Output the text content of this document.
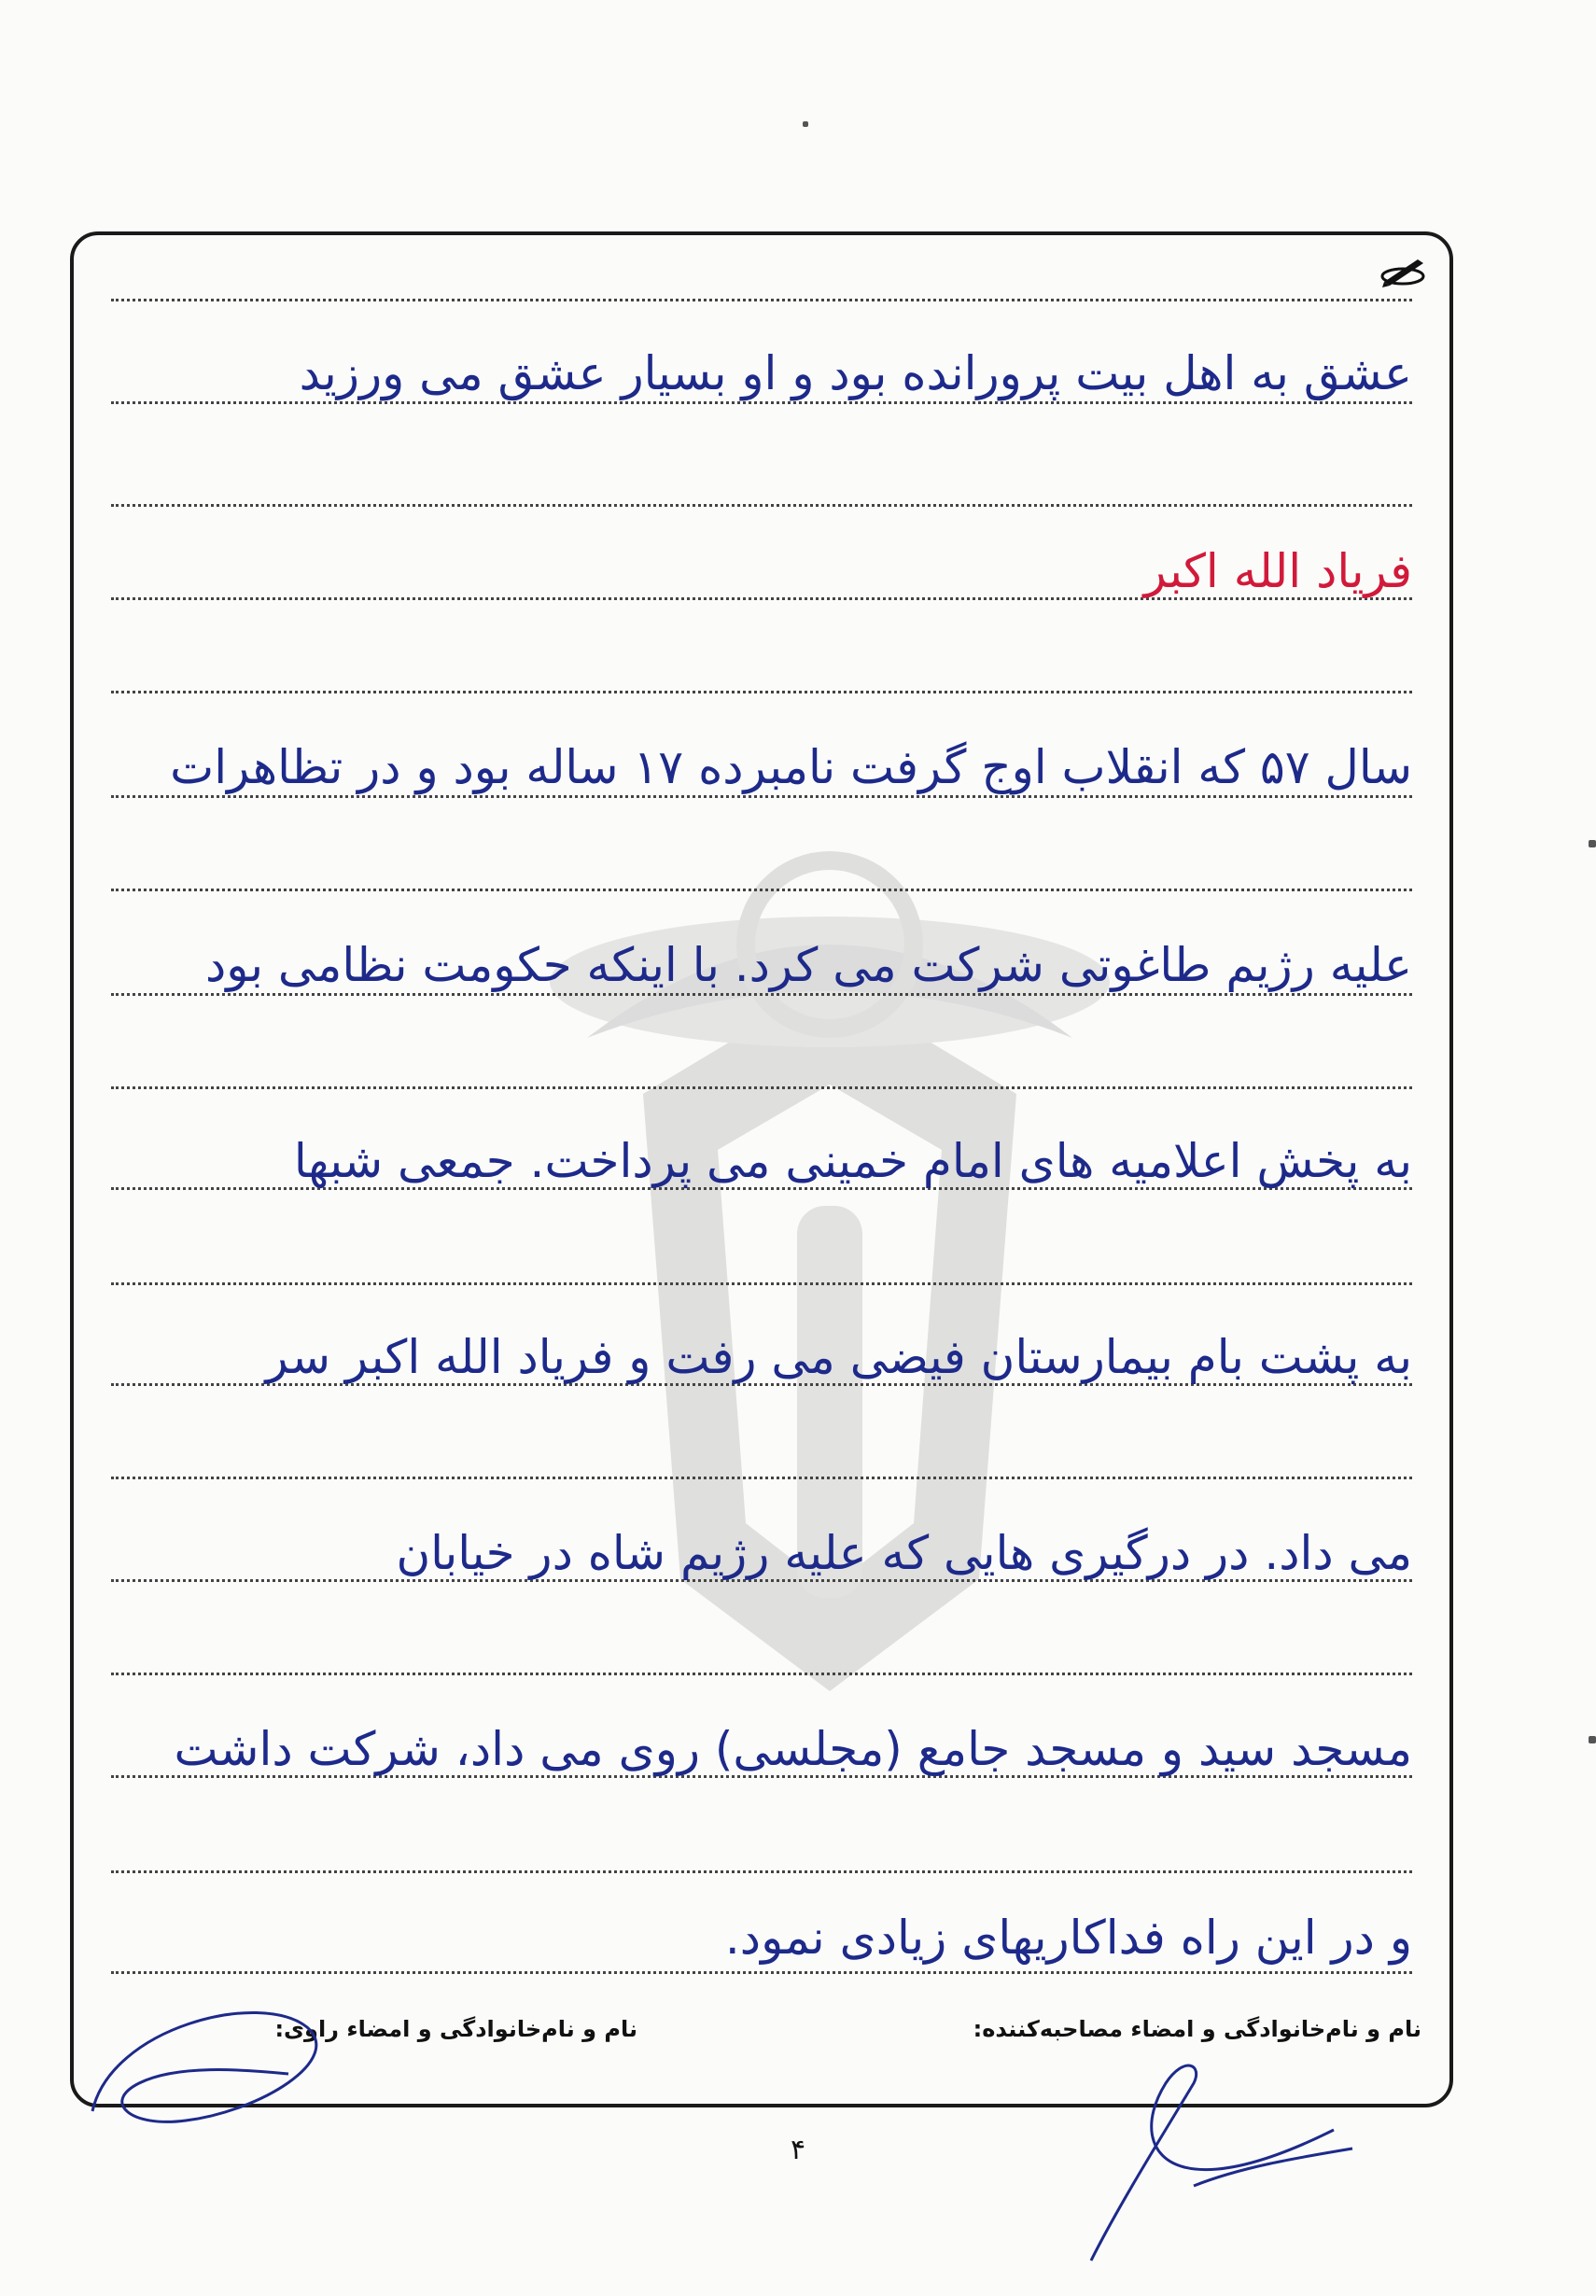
عشق به اهل بیت پرورانده بود و او بسیار عشق می ورزید
فریاد الله اکبر
سال ۵۷ که انقلاب اوج گرفت نامبرده ۱۷ ساله بود و در تظاهرات
علیه رژیم طاغوتی شرکت می کرد. با اینکه حکومت نظامی بود
به پخش اعلامیه های امام خمینی می پرداخت. جمعی شبها
به پشت بام بیمارستان فیضی می رفت و فریاد الله اکبر سر
می داد. در درگیری هایی که علیه رژیم شاه در خیابان
مسجد سید و مسجد جامع (مجلسی) روی می داد، شرکت داشت
و در این راه فداکاریهای زیادی نمود.
نام و نام‌خانوادگی و امضاء مصاحبه‌کننده:
نام و نام‌خانوادگی و امضاء راوی:
۴
